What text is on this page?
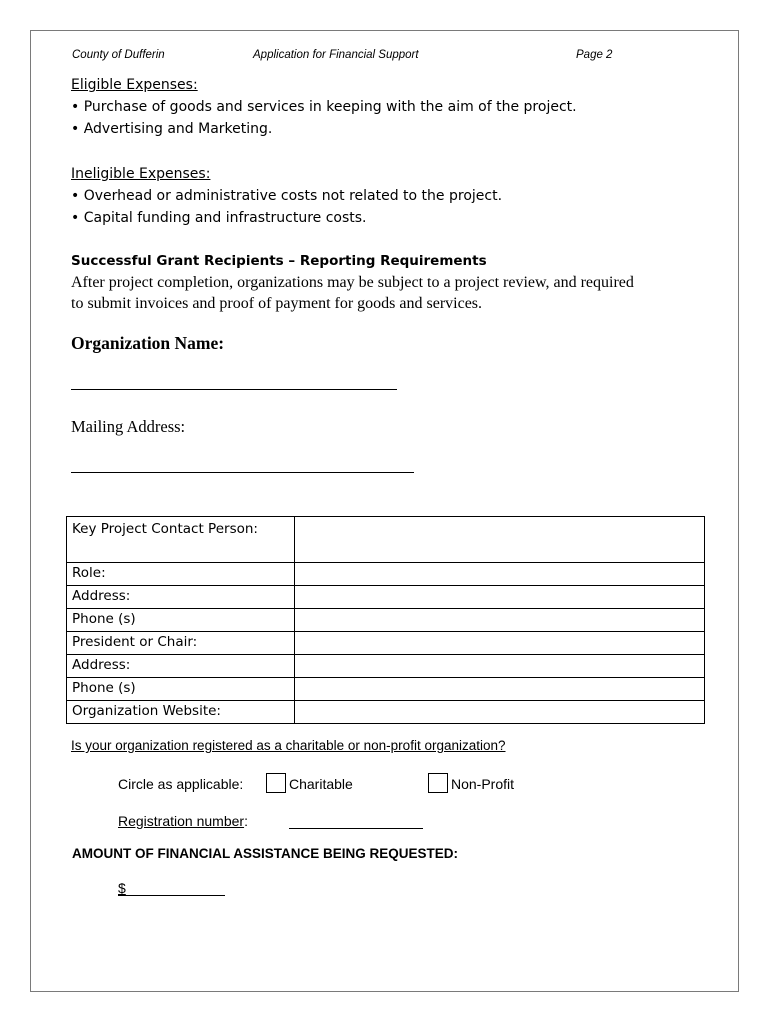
County of Dufferin	Application for Financial Support	Page 2
Eligible Expenses:
• Purchase of goods and services in keeping with the aim of the project.
• Advertising and Marketing.
Ineligible Expenses:
• Overhead or administrative costs not related to the project.
• Capital funding and infrastructure costs.
Successful Grant Recipients – Reporting Requirements
After project completion, organizations may be subject to a project review, and required
to submit invoices and proof of payment for goods and services.
Organization Name:
Mailing Address:
Key Project Contact Person:	
Role:	
Address:	
Phone (s)	
President or Chair:	
Address:	
Phone (s)	
Organization Website:	
Is your organization registered as a charitable or non-profit organization?
Circle as applicable:	Charitable	Non-Profit
Registration number:
AMOUNT OF FINANCIAL ASSISTANCE BEING REQUESTED:
$
